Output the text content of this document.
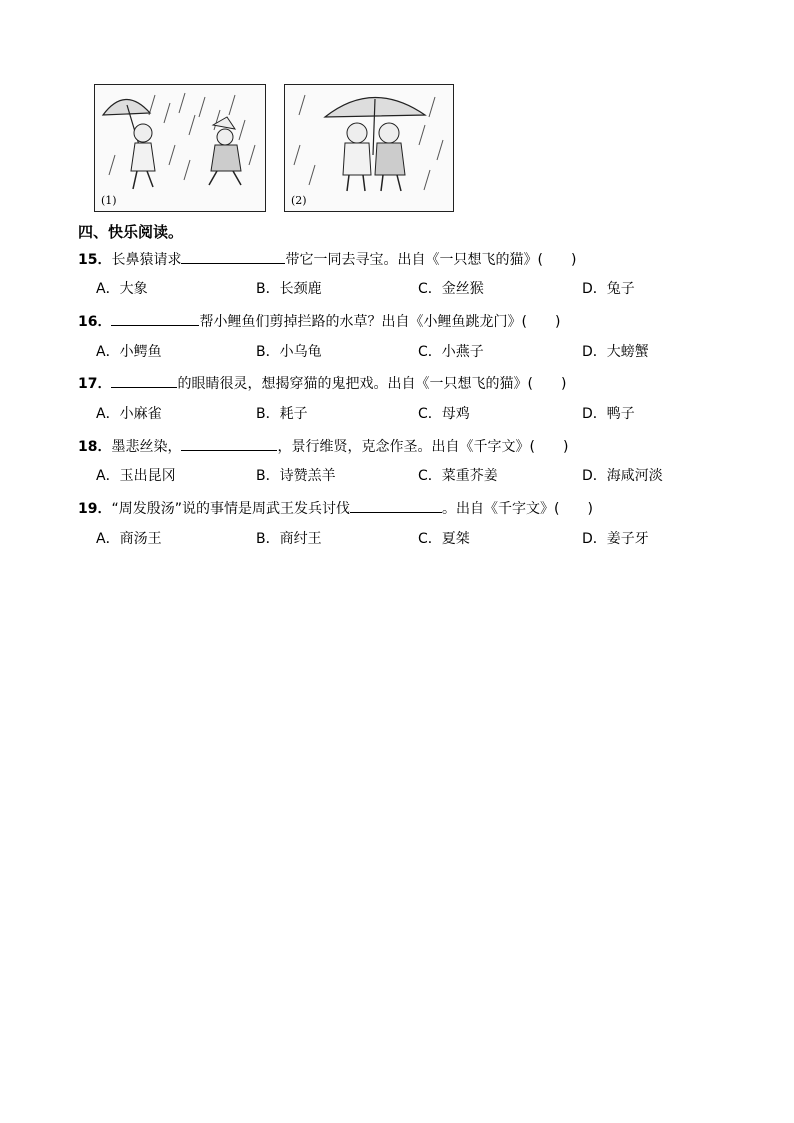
(1)	(2)
四、快乐阅读。
15．长鼻猿请求	带它一同去寻宝。出自《一只想飞的猫》(　　)
A．大象	B．长颈鹿	C．金丝猴	D．兔子
16．	帮小鲤鱼们剪掉拦路的水草？出自《小鲤鱼跳龙门》(　　)
A．小鳄鱼	B．小乌龟	C．小燕子	D．大螃蟹
17．	的眼睛很灵，想揭穿猫的鬼把戏。出自《一只想飞的猫》(　　)
A．小麻雀	B．耗子	C．母鸡	D．鸭子
18．墨悲丝染，	，景行维贤，克念作圣。出自《千字文》(　　)
A．玉出昆冈	B．诗赞羔羊	C．菜重芥姜	D．海咸河淡
19．“周发殷汤”说的事情是周武王发兵讨伐	。出自《千字文》(　　)
A．商汤王	B．商纣王	C．夏桀	D．姜子牙
